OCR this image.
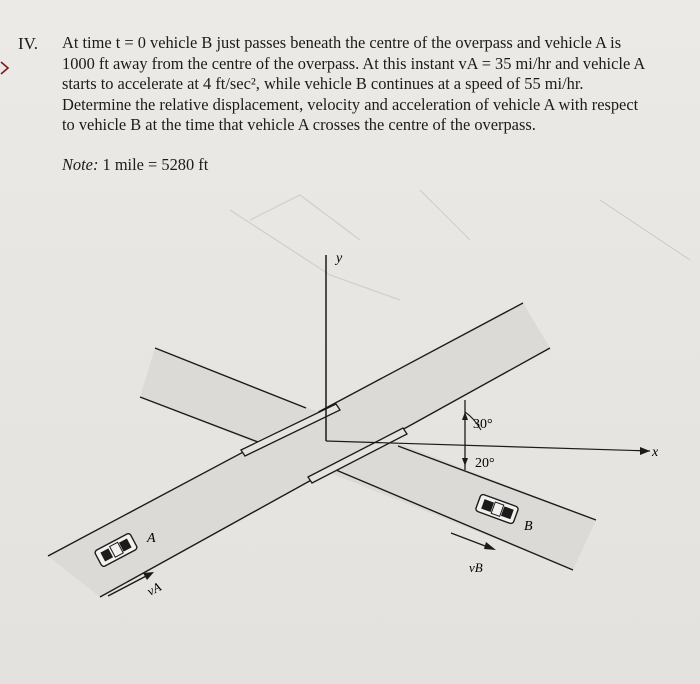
IV. At time t = 0 vehicle B just passes beneath the centre of the overpass and vehicle A is

1000 ft away from the centre of the overpass. At this instant vA = 35 mi/hr and vehicle A

starts to accelerate at 4 ft/sec², while vehicle B continues at a speed of 55 mi/hr.

Determine the relative displacement, velocity and acceleration of vehicle A with respect

to vehicle B at the time that vehicle A crosses the centre of the overpass.

Note: 1 mile = 5280 ft
y
x
30°
20°
B
vB
A
vA
